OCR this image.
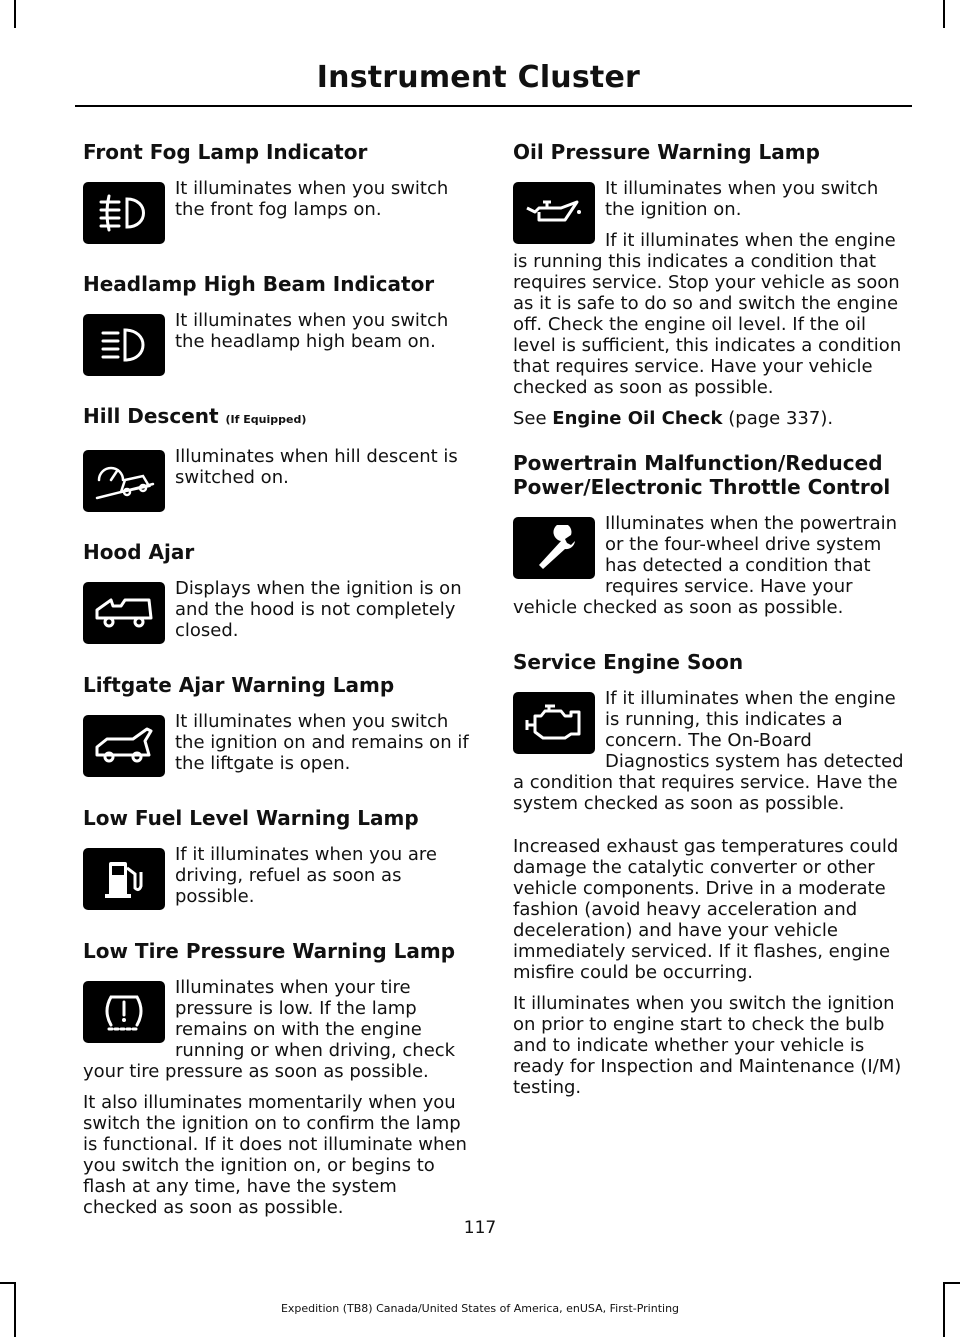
Instrument Cluster
Front Fog Lamp Indicator

It illuminates when you switch the front fog lamps on.

Headlamp High Beam Indicator

It illuminates when you switch the headlamp high beam on.

Hill Descent (If Equipped)

Illuminates when hill descent is switched on.

Hood Ajar

Displays when the ignition is on and the hood is not completely closed.

Liftgate Ajar Warning Lamp

It illuminates when you switch the ignition on and remains on if the liftgate is open.

Low Fuel Level Warning Lamp

If it illuminates when you are driving, refuel as soon as possible.

Low Tire Pressure Warning Lamp

Illuminates when your tire pressure is low. If the lamp remains on with the engine running or when driving, check your tire pressure as soon as possible.

It also illuminates momentarily when you switch the ignition on to confirm the lamp is functional. If it does not illuminate when you switch the ignition on, or begins to flash at any time, have the system checked as soon as possible.

Oil Pressure Warning Lamp

It illuminates when you switch the ignition on.

If it illuminates when the engine is running this indicates a condition that requires service. Stop your vehicle as soon as it is safe to do so and switch the engine off. Check the engine oil level. If the oil level is sufficient, this indicates a condition that requires service. Have your vehicle checked as soon as possible.

See Engine Oil Check (page 337).

Powertrain Malfunction/Reduced Power/Electronic Throttle Control

Illuminates when the powertrain or the four-wheel drive system has detected a condition that requires service. Have your vehicle checked as soon as possible.

Service Engine Soon

If it illuminates when the engine is running, this indicates a concern. The On-Board Diagnostics system has detected a condition that requires service. Have the system checked as soon as possible.

Increased exhaust gas temperatures could damage the catalytic converter or other vehicle components. Drive in a moderate fashion (avoid heavy acceleration and deceleration) and have your vehicle immediately serviced. If it flashes, engine misfire could be occurring.

It illuminates when you switch the ignition on prior to engine start to check the bulb and to indicate whether your vehicle is ready for Inspection and Maintenance (I/M) testing.

117
Expedition (TB8) Canada/United States of America, enUSA, First-Printing
